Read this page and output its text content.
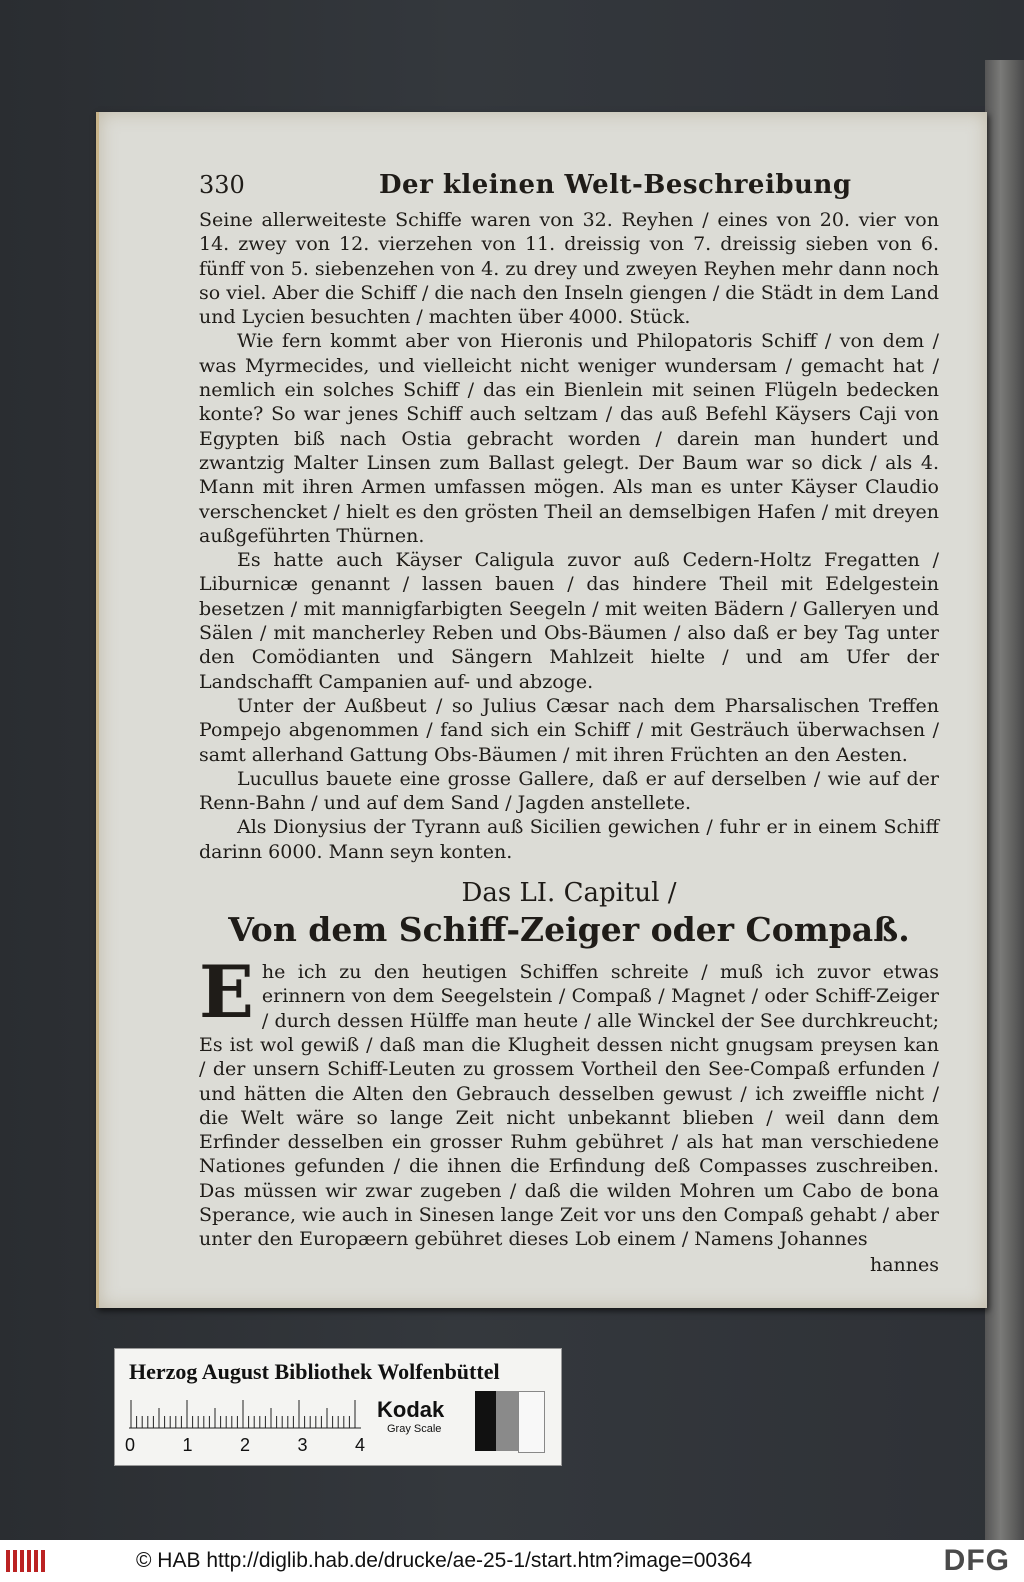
330	Der kleinen Welt-Beschreibung

Seine allerweiteste Schiffe waren von 32. Reyhen / eines von 20. vier von 14. zwey von 12. vierzehen von 11. dreissig von 7. dreissig sieben von 6. fünff von 5. siebenzehen von 4. zu drey und zweyen Reyhen mehr dann noch so viel. Aber die Schiff / die nach den Inseln giengen / die Städt in dem Land und Lycien besuchten / machten über 4000. Stück.

Wie fern kommt aber von Hieronis und Philopatoris Schiff / von dem / was Myrmecides, und vielleicht nicht weniger wundersam / gemacht hat / nemlich ein solches Schiff / das ein Bienlein mit seinen Flügeln bedecken konte? So war jenes Schiff auch seltzam / das auß Befehl Käysers Caji von Egypten biß nach Ostia gebracht worden / darein man hundert und zwantzig Malter Linsen zum Ballast gelegt. Der Baum war so dick / als 4. Mann mit ihren Armen umfassen mögen. Als man es unter Käyser Claudio verschencket / hielt es den grösten Theil an demselbigen Hafen / mit dreyen außgeführten Thürnen.

Es hatte auch Käyser Caligula zuvor auß Cedern-Holtz Fregatten / Liburnicæ genannt / lassen bauen / das hindere Theil mit Edelgestein besetzen / mit mannigfarbigten Seegeln / mit weiten Bädern / Galleryen und Sälen / mit mancherley Reben und Obs-Bäumen / also daß er bey Tag unter den Comödianten und Sängern Mahlzeit hielte / und am Ufer der Landschafft Campanien auf- und abzoge.

Unter der Außbeut / so Julius Cæsar nach dem Pharsalischen Treffen Pompejo abgenommen / fand sich ein Schiff / mit Gesträuch überwachsen / samt allerhand Gattung Obs-Bäumen / mit ihren Früchten an den Aesten.

Lucullus bauete eine grosse Gallere, daß er auf derselben / wie auf der Renn-Bahn / und auf dem Sand / Jagden anstellete.

Als Dionysius der Tyrann auß Sicilien gewichen / fuhr er in einem Schiff darinn 6000. Mann seyn konten.

Das LI. Capitul /
Von dem Schiff-Zeiger oder Compaß.

Ehe ich zu den heutigen Schiffen schreite / muß ich zuvor etwas erinnern von dem Seegelstein / Compaß / Magnet / oder Schiff-Zeiger / durch dessen Hülffe man heute / alle Winckel der See durchkreucht; Es ist wol gewiß / daß man die Klugheit dessen nicht gnugsam preysen kan / der unsern Schiff-Leuten zu grossem Vortheil den See-Compaß erfunden / und hätten die Alten den Gebrauch desselben gewust / ich zweiffle nicht / die Welt wäre so lange Zeit nicht unbekannt blieben / weil dann dem Erfinder desselben ein grosser Ruhm gebühret / als hat man verschiedene Nationes gefunden / die ihnen die Erfindung deß Compasses zuschreiben. Das müssen wir zwar zugeben / daß die wilden Mohren um Cabo de bona Sperance, wie auch in Sinesen lange Zeit vor uns den Compaß gehabt / aber unter den Europæern gebühret dieses Lob einem / Namens Johannes

hannes
Herzog August Bibliothek Wolfenbüttel
0	1	2	3	4
Kodak
Gray Scale
© HAB http://diglib.hab.de/drucke/ae-25-1/start.htm?image=00364	DFG
